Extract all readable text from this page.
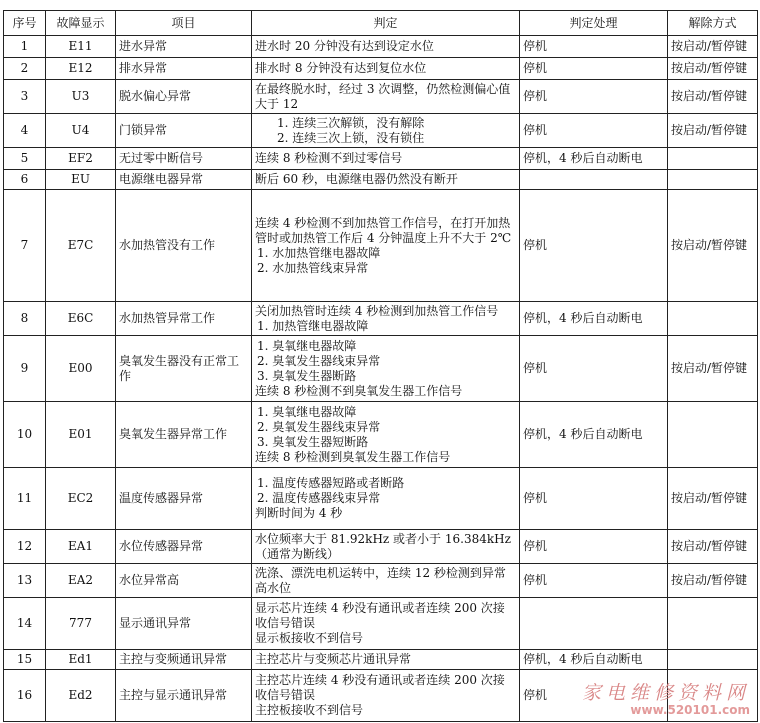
序号	故障显示	项目	判定	判定处理	解除方式
1	E11	进水异常	进水时 20 分钟没有达到设定水位	停机	按启动/暂停键
2	E12	排水异常	排水时 8 分钟没有达到复位水位	停机	按启动/暂停键
3	U3	脱水偏心异常	在最终脱水时，经过 3 次调整，仍然检测偏心值大于 12	停机	按启动/暂停键
4	U4	门锁异常	1. 连续三次解锁，没有解除
2. 连续三次上锁，没有锁住	停机	按启动/暂停键
5	EF2	无过零中断信号	连续 8 秒检测不到过零信号	停机，4 秒后自动断电	
6	EU	电源继电器异常	断后 60 秒，电源继电器仍然没有断开		

7	E7C	水加热管没有工作	连续 4 秒检测不到加热管工作信号，在打开加热管时或加热管工作后 4 分钟温度上升不大于 2℃
1. 水加热管继电器故障
2. 水加热管线束异常	停机	按启动/暂停键
8	E6C	水加热管异常工作	关闭加热管时连续 4 秒检测到加热管工作信号
1. 加热管继电器故障	停机，4 秒后自动断电	
9	E00	臭氧发生器没有正常工作	1. 臭氧继电器故障
2. 臭氧发生器线束异常
3. 臭氧发生器断路
连续 8 秒检测不到臭氧发生器工作信号	停机	按启动/暂停键
10	E01	臭氧发生器异常工作	1. 臭氧继电器故障
2. 臭氧发生器线束异常
3. 臭氧发生器短断路
连续 8 秒检测到臭氧发生器工作信号	停机，4 秒后自动断电	
11	EC2	温度传感器异常	1. 温度传感器短路或者断路
2. 温度传感器线束异常
判断时间为 4 秒	停机	按启动/暂停键
12	EA1	水位传感器异常	水位频率大于 81.92kHz 或者小于 16.384kHz
（通常为断线）	停机	按启动/暂停键
13	EA2	水位异常高	洗涤、漂洗电机运转中，连续 12 秒检测到异常高水位	停机	按启动/暂停键
14	777	显示通讯异常	显示芯片连续 4 秒没有通讯或者连续 200 次接收信号错误
显示板接收不到信号		

15	Ed1	主控与变频通讯异常	主控芯片与变频芯片通讯异常	停机，4 秒后自动断电	
16	Ed2	主控与显示通讯异常	主控芯片连续 4 秒没有通讯或者连续 200 次接收信号错误
主控板接收不到信号	停机	家电维修资料网
www.520101.com
